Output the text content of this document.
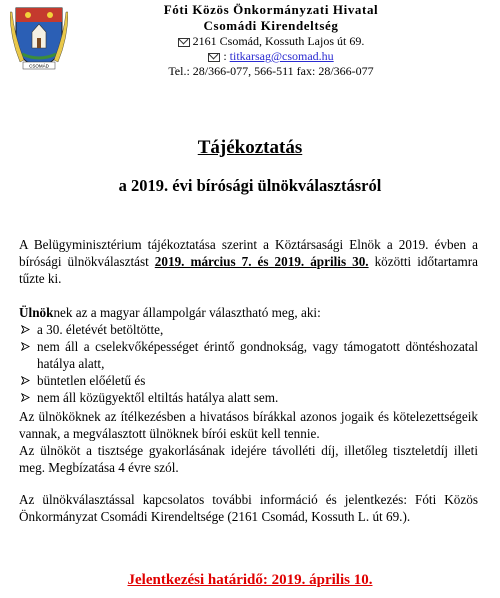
CSOMÁD
Fóti Közös Önkormányzati Hivatal
Csomádi Kirendeltség
2161 Csomád, Kossuth Lajos út 69.
: titkarsag@csomad.hu
Tel.: 28/366-077, 566-511 fax: 28/366-077
Tájékoztatás
a 2019. évi bírósági ülnökválasztásról
A Belügyminisztérium tájékoztatása szerint a Köztársasági Elnök a 2019. évben a bírósági ülnökválasztást 2019. március 7. és 2019. április 30. közötti időtartamra tűzte ki.
Ülnöknek az a magyar állampolgár választható meg, aki:
a 30. életévét betöltötte,
nem áll a cselekvőképességet érintő gondnokság, vagy támogatott döntéshozatal hatálya alatt,
büntetlen előéletű és
nem áll közügyektől eltiltás hatálya alatt sem.
Az ülnököknek az ítélkezésben a hivatásos bírákkal azonos jogaik és kötelezettségeik vannak, a megválasztott ülnöknek bírói esküt kell tennie.
Az ülnököt a tisztsége gyakorlásának idejére távolléti díj, illetőleg tiszteletdíj illeti meg. Megbízatása 4 évre szól.
Az ülnökválasztással kapcsolatos további információ és jelentkezés: Fóti Közös Önkormányzat Csomádi Kirendeltsége (2161 Csomád, Kossuth L. út 69.).
Jelentkezési határidő: 2019. április 10.
